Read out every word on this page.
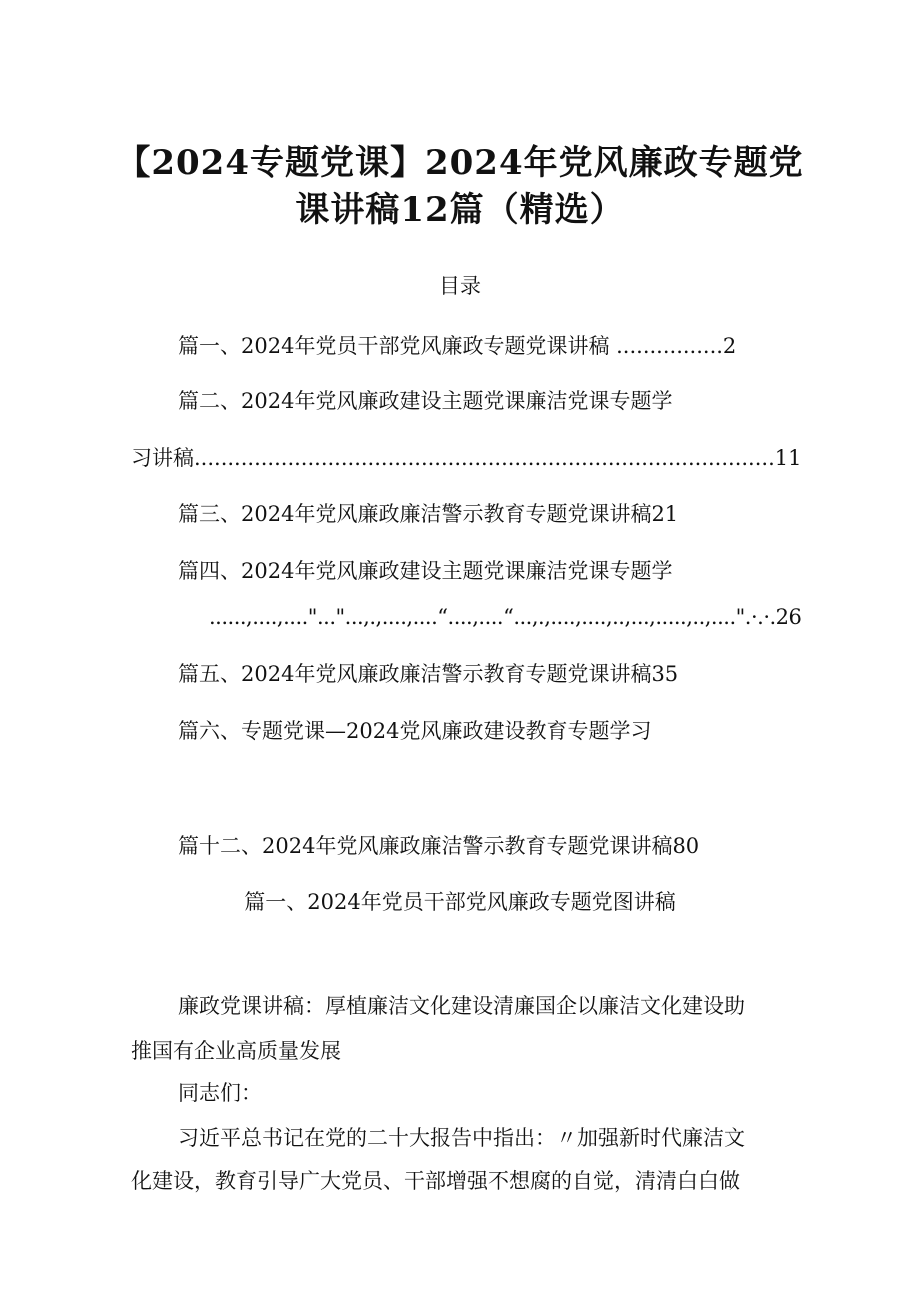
【2024专题党课】2024年党风廉政专题党
课讲稿12篇（精选）
目录
篇一、2024年党员干部党风廉政专题党课讲稿 ................2
篇二、2024年党风廉政建设主题党课廉洁党课专题学
习讲稿.......................................................................................11
篇三、2024年党风廉政廉洁警示教育专题党课讲稿21
篇四、2024年党风廉政建设主题党课廉洁党课专题学
......,....,...."..."...,.,....,....“....,....“...,.,....,....,..,...,.....,..,....".·.·.26
篇五、2024年党风廉政廉洁警示教育专题党课讲稿35
篇六、专题党课—2024党风廉政建设教育专题学习
篇十二、2024年党风廉政廉洁警示教育专题党课讲稿80
篇一、2024年党员干部党风廉政专题党图讲稿
廉政党课讲稿：厚植廉洁文化建设清廉国企以廉洁文化建设助
推国有企业高质量发展
同志们：
习近平总书记在党的二十大报告中指出：〃加强新时代廉洁文
化建设，教育引导广大党员、干部增强不想腐的自觉，清清白白做
